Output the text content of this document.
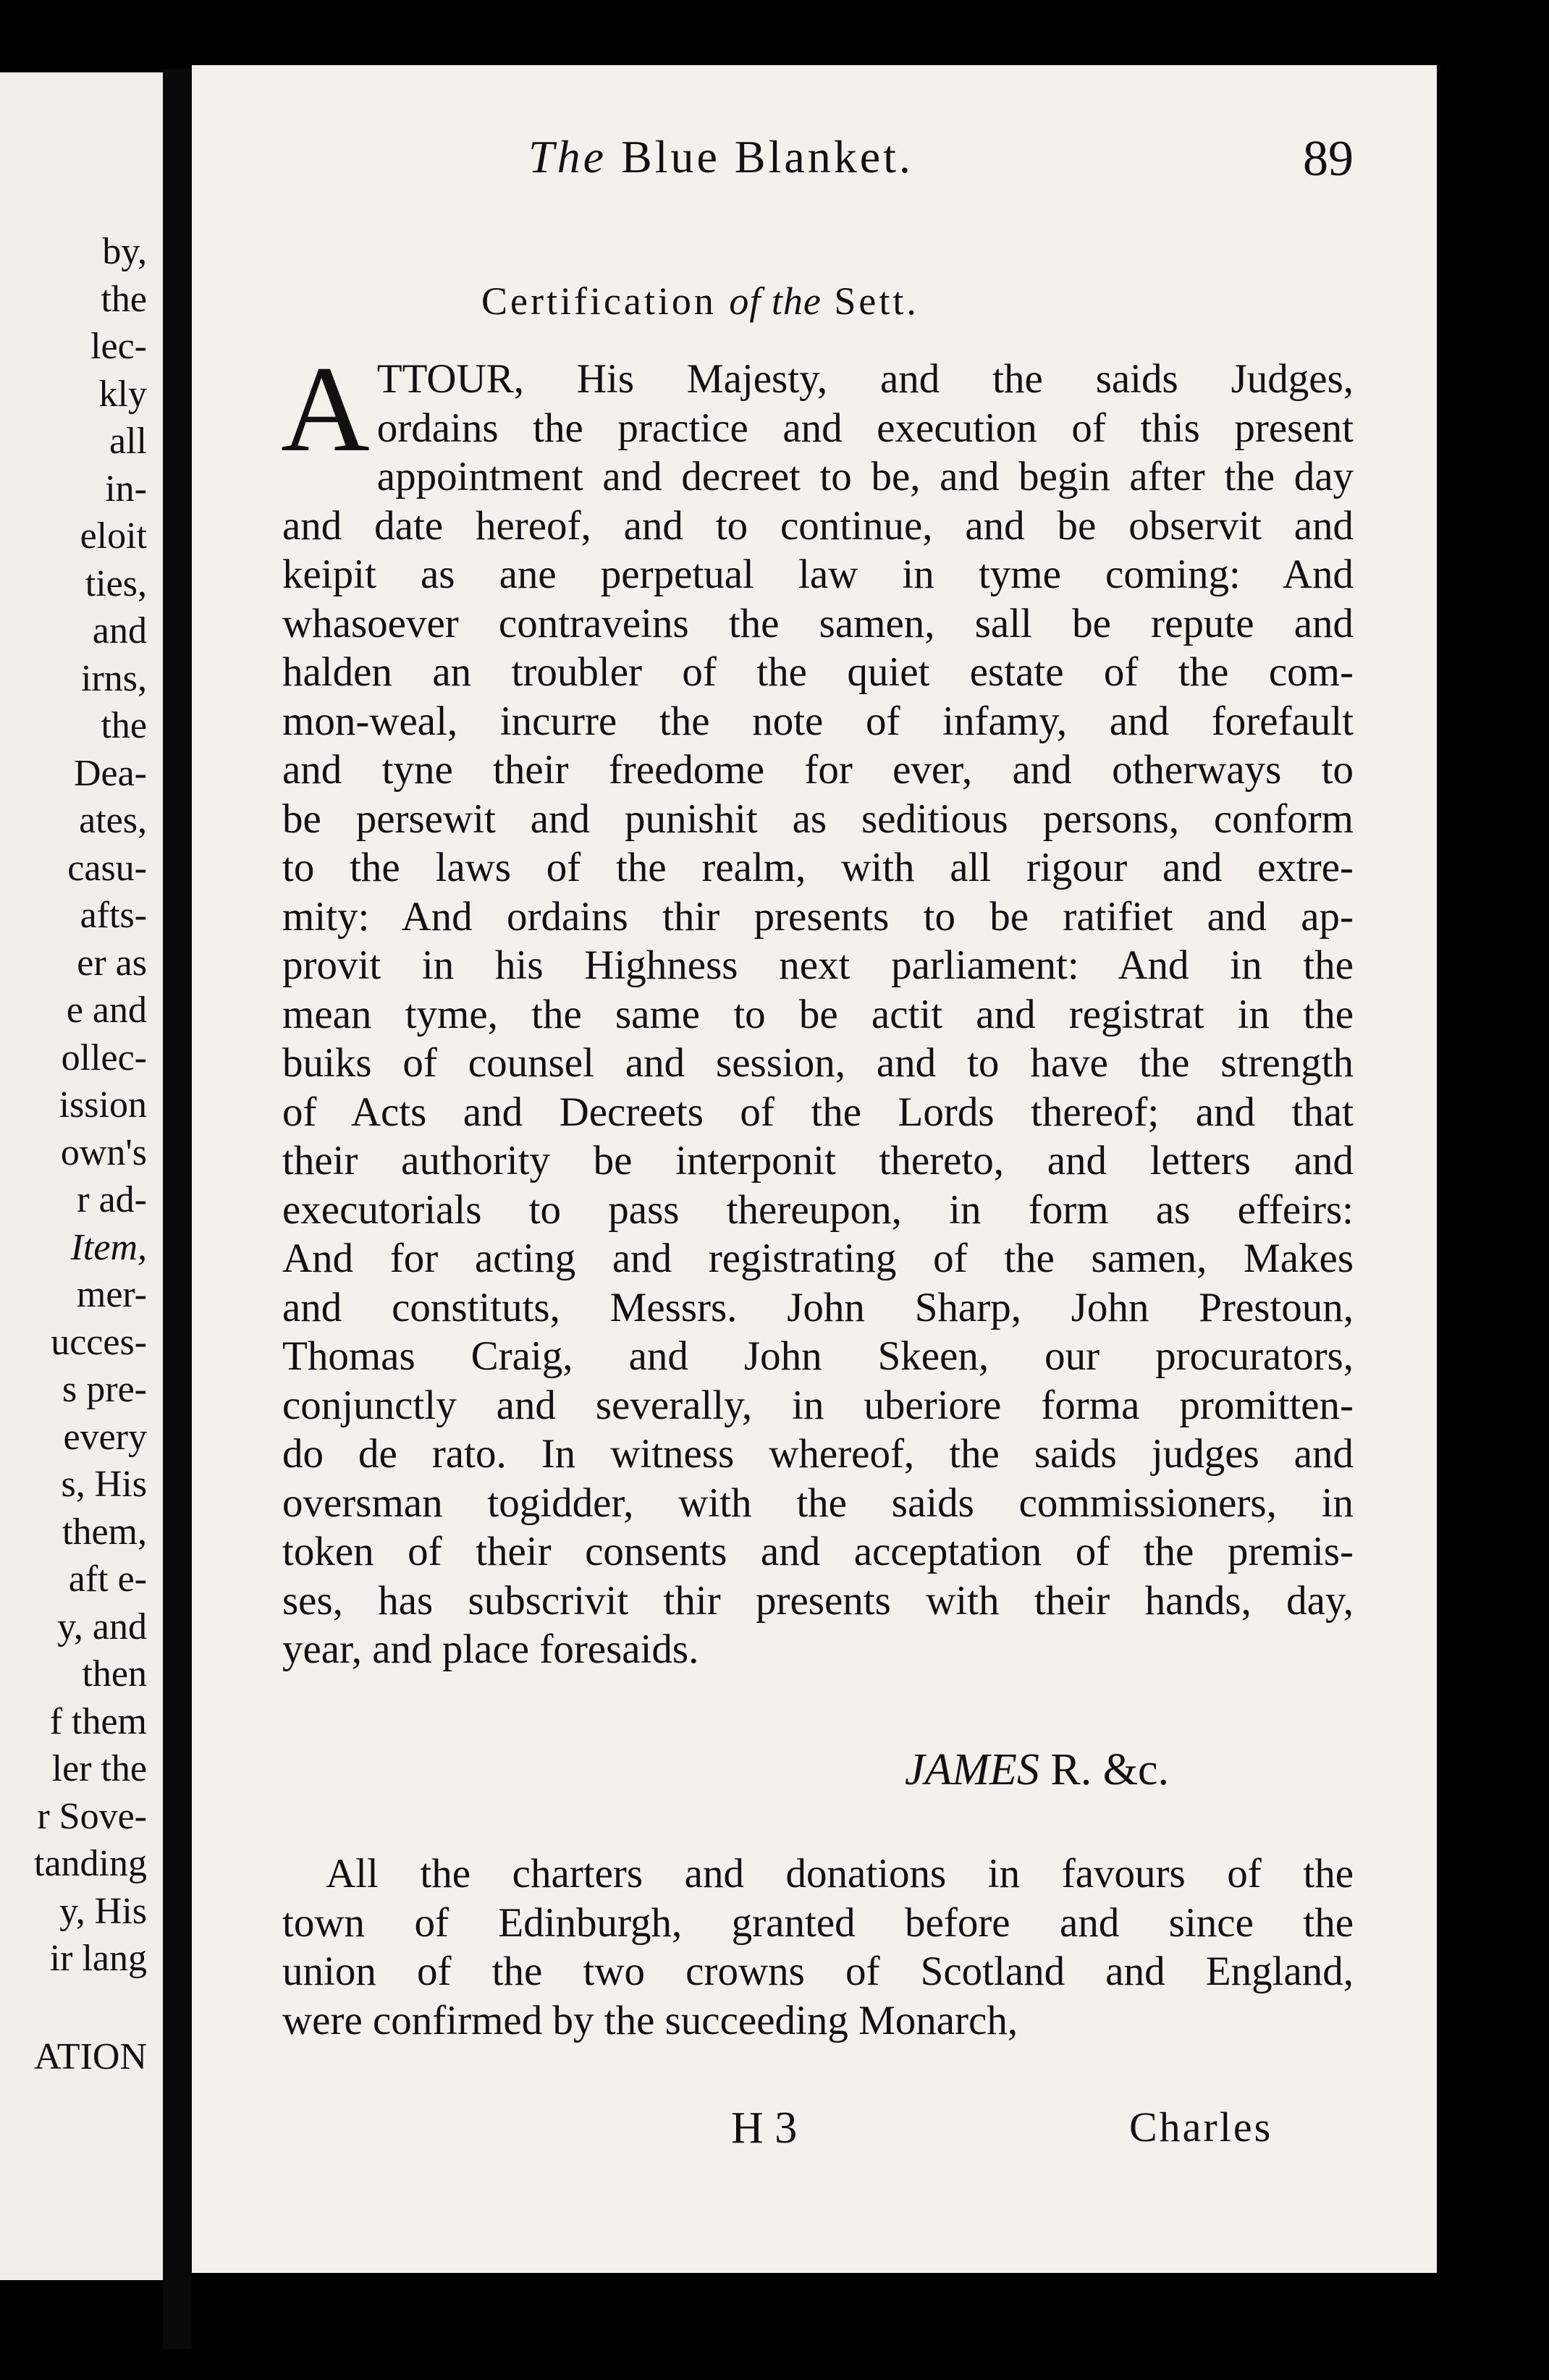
by,
the
lec-
kly
all
in-
eloit
ties,
and
irns,
the
Dea-
ates,
casu-
afts-
er as
e and
ollec-
ission
own's
r ad-
Item,
mer-
ucces-
s pre-
every
s, His
them,
aft e-
y, and
then
f them
ler the
r Sove-
tanding
y, His
ir lang
ATION
The Blue Blanket.	89
Certification of the Sett.
A TTOUR, His Majesty, and the saids Judges,
ordains the practice and execution of this present
appointment and decreet to be, and begin after the day
and date hereof, and to continue, and be observit and
keipit as ane perpetual law in tyme coming: And
whasoever contraveins the samen, sall be repute and
halden an troubler of the quiet estate of the com-
mon-weal, incurre the note of infamy, and forefault
and tyne their freedome for ever, and otherways to
be persewit and punishit as seditious persons, conform
to the laws of the realm, with all rigour and extre-
mity: And ordains thir presents to be ratifiet and ap-
provit in his Highness next parliament: And in the
mean tyme, the same to be actit and registrat in the
buiks of counsel and session, and to have the strength
of Acts and Decreets of the Lords thereof; and that
their authority be interponit thereto, and letters and
executorials to pass thereupon, in form as effeirs:
And for acting and registrating of the samen, Makes
and constituts, Messrs. John Sharp, John Prestoun,
Thomas Craig, and John Skeen, our procurators,
conjunctly and severally, in uberiore forma promitten-
do de rato. In witness whereof, the saids judges and
oversman togidder, with the saids commissioners, in
token of their consents and acceptation of the premis-
ses, has subscrivit thir presents with their hands, day,
year, and place foresaids.
JAMES R. &c.
All the charters and donations in favours of the
town of Edinburgh, granted before and since the
union of the two crowns of Scotland and England,
were confirmed by the succeeding Monarch,
H 3	Charles
